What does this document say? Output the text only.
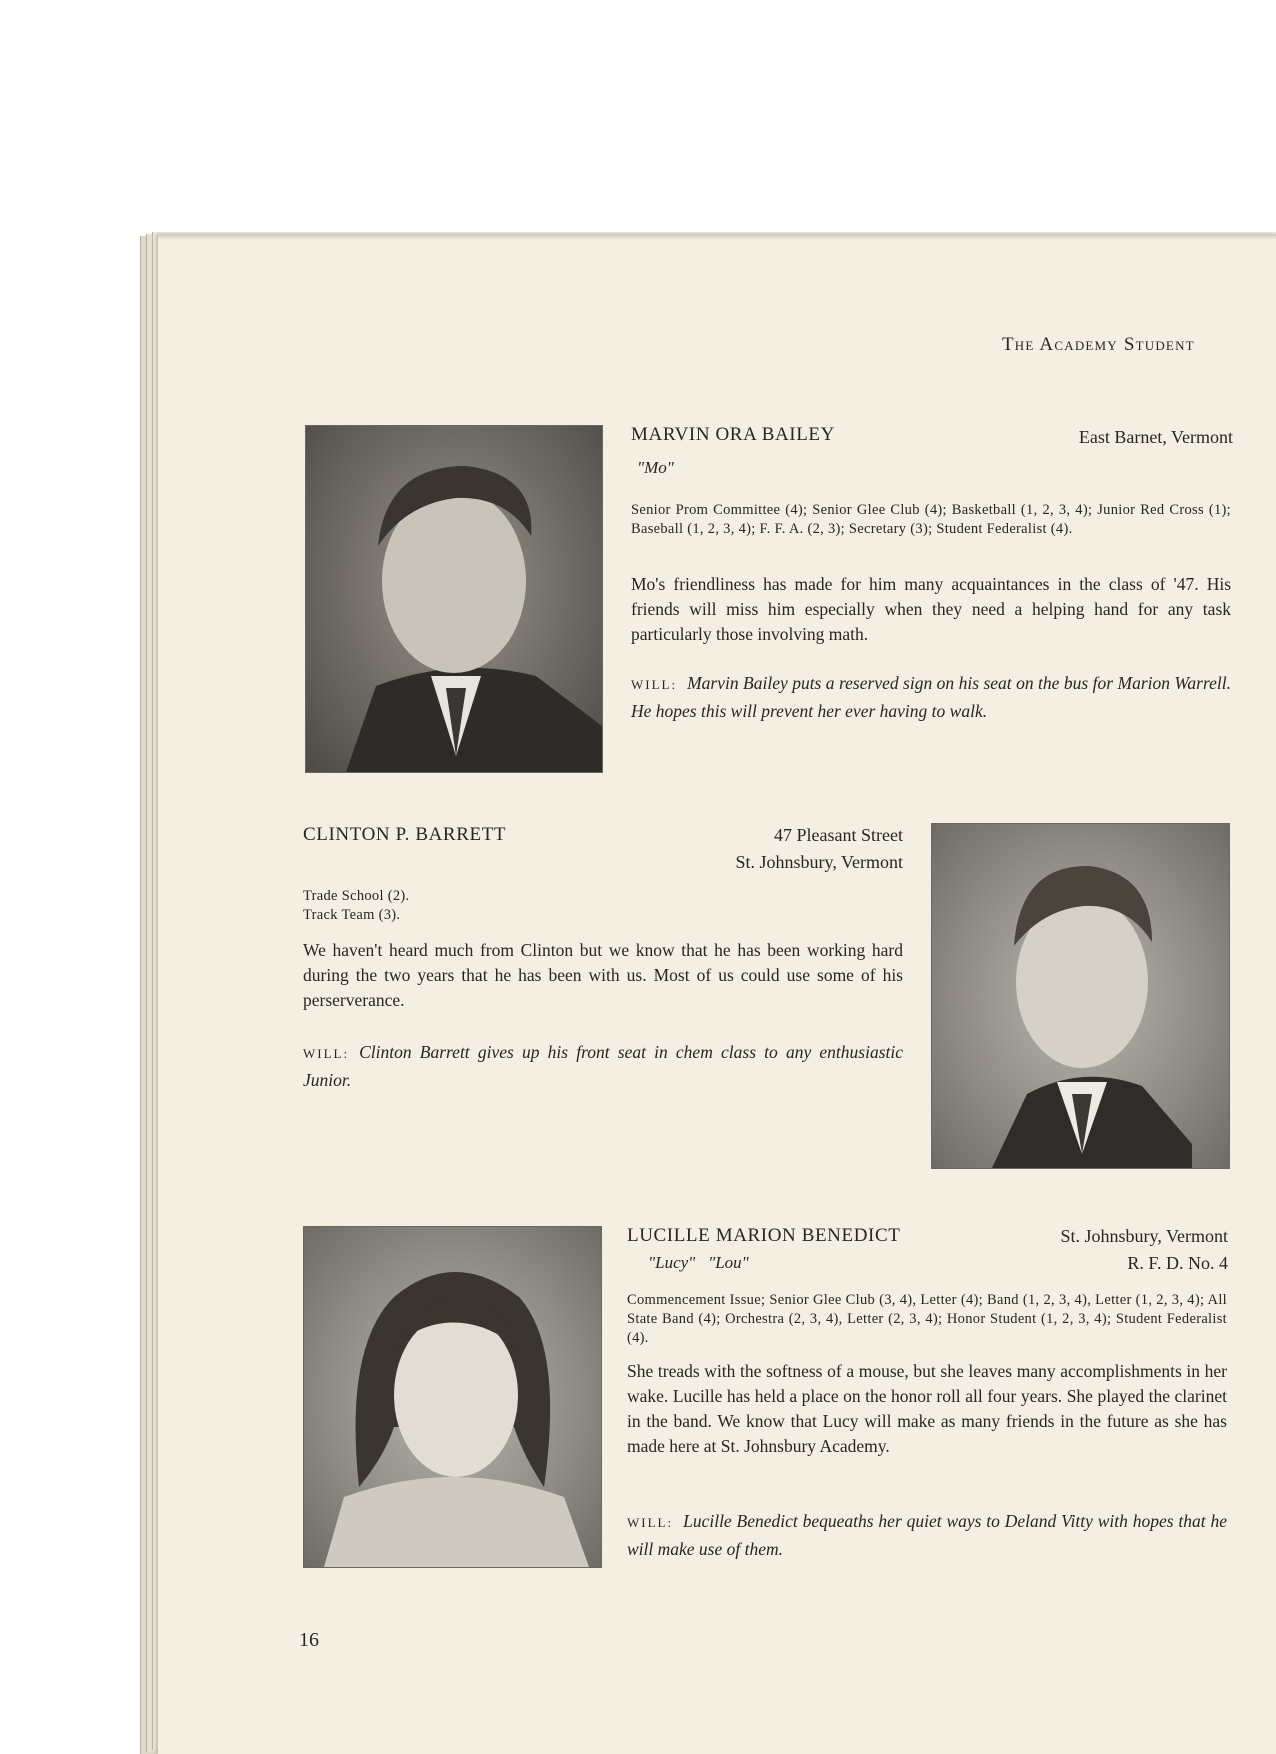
The Academy Student
MARVIN ORA BAILEY	East Barnet, Vermont
"Mo"
Senior Prom Committee (4); Senior Glee Club (4); Basketball (1, 2, 3, 4); Junior Red Cross (1); Baseball (1, 2, 3, 4); F. F. A. (2, 3); Secretary (3); Student Federalist (4).
Mo's friendliness has made for him many acquaintances in the class of '47. His friends will miss him especially when they need a helping hand for any task particularly those involving math.
WILL: Marvin Bailey puts a reserved sign on his seat on the bus for Marion Warrell. He hopes this will prevent her ever having to walk.
CLINTON P. BARRETT	47 Pleasant Street
St. Johnsbury, Vermont
Trade School (2).
Track Team (3).
We haven't heard much from Clinton but we know that he has been working hard during the two years that he has been with us. Most of us could use some of his perserverance.
WILL: Clinton Barrett gives up his front seat in chem class to any enthusiastic Junior.
LUCILLE MARION BENEDICT	St. Johnsbury, Vermont
R. F. D. No. 4
"Lucy"   "Lou"
Commencement Issue; Senior Glee Club (3, 4), Letter (4); Band (1, 2, 3, 4), Letter (1, 2, 3, 4); All State Band (4); Orchestra (2, 3, 4), Letter (2, 3, 4); Honor Student (1, 2, 3, 4); Student Federalist (4).
She treads with the softness of a mouse, but she leaves many accomplishments in her wake. Lucille has held a place on the honor roll all four years. She played the clarinet in the band. We know that Lucy will make as many friends in the future as she has made here at St. Johnsbury Academy.
WILL: Lucille Benedict bequeaths her quiet ways to Deland Vitty with hopes that he will make use of them.
16
